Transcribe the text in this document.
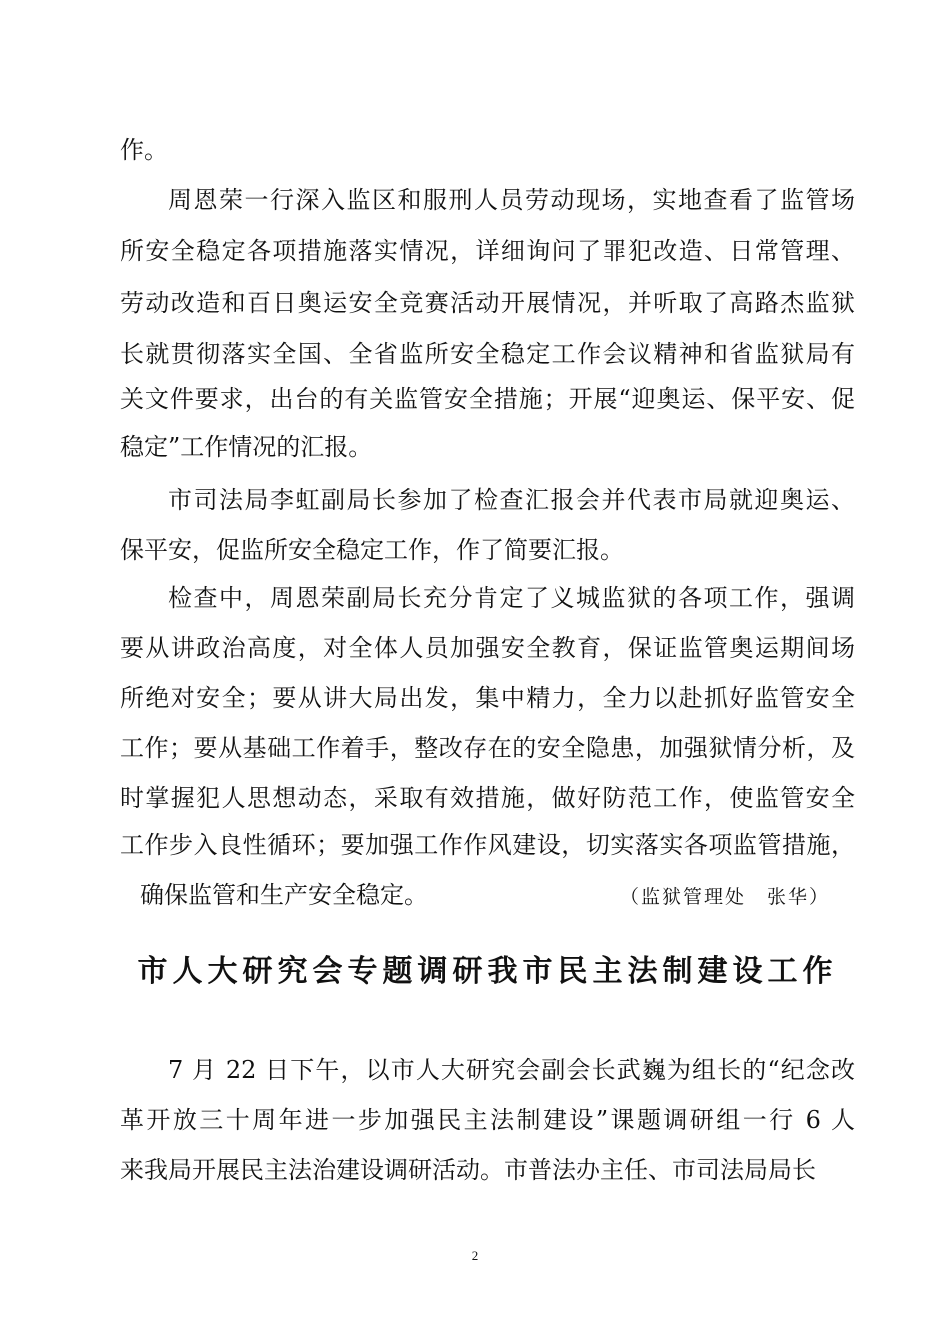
作。
周恩荣一行深入监区和服刑人员劳动现场，实地查看了监管场
所安全稳定各项措施落实情况，详细询问了罪犯改造、日常管理、
劳动改造和百日奥运安全竞赛活动开展情况，并听取了高路杰监狱
长就贯彻落实全国、全省监所安全稳定工作会议精神和省监狱局有
关文件要求，出台的有关监管安全措施；开展“迎奥运、保平安、促
稳定”工作情况的汇报。
市司法局李虹副局长参加了检查汇报会并代表市局就迎奥运、
保平安，促监所安全稳定工作，作了简要汇报。
检查中，周恩荣副局长充分肯定了义城监狱的各项工作，强调
要从讲政治高度，对全体人员加强安全教育，保证监管奥运期间场
所绝对安全；要从讲大局出发，集中精力，全力以赴抓好监管安全
工作；要从基础工作着手，整改存在的安全隐患，加强狱情分析，及
时掌握犯人思想动态，采取有效措施，做好防范工作，使监管安全
工作步入良性循环；要加强工作作风建设，切实落实各项监管措施，
确保监管和生产安全稳定。	（监狱管理处　张华）
市人大研究会专题调研我市民主法制建设工作
7 月 22 日下午，以市人大研究会副会长武巍为组长的“纪念改
革开放三十周年进一步加强民主法制建设”课题调研组一行 6 人
来我局开展民主法治建设调研活动。市普法办主任、市司法局局长
2
